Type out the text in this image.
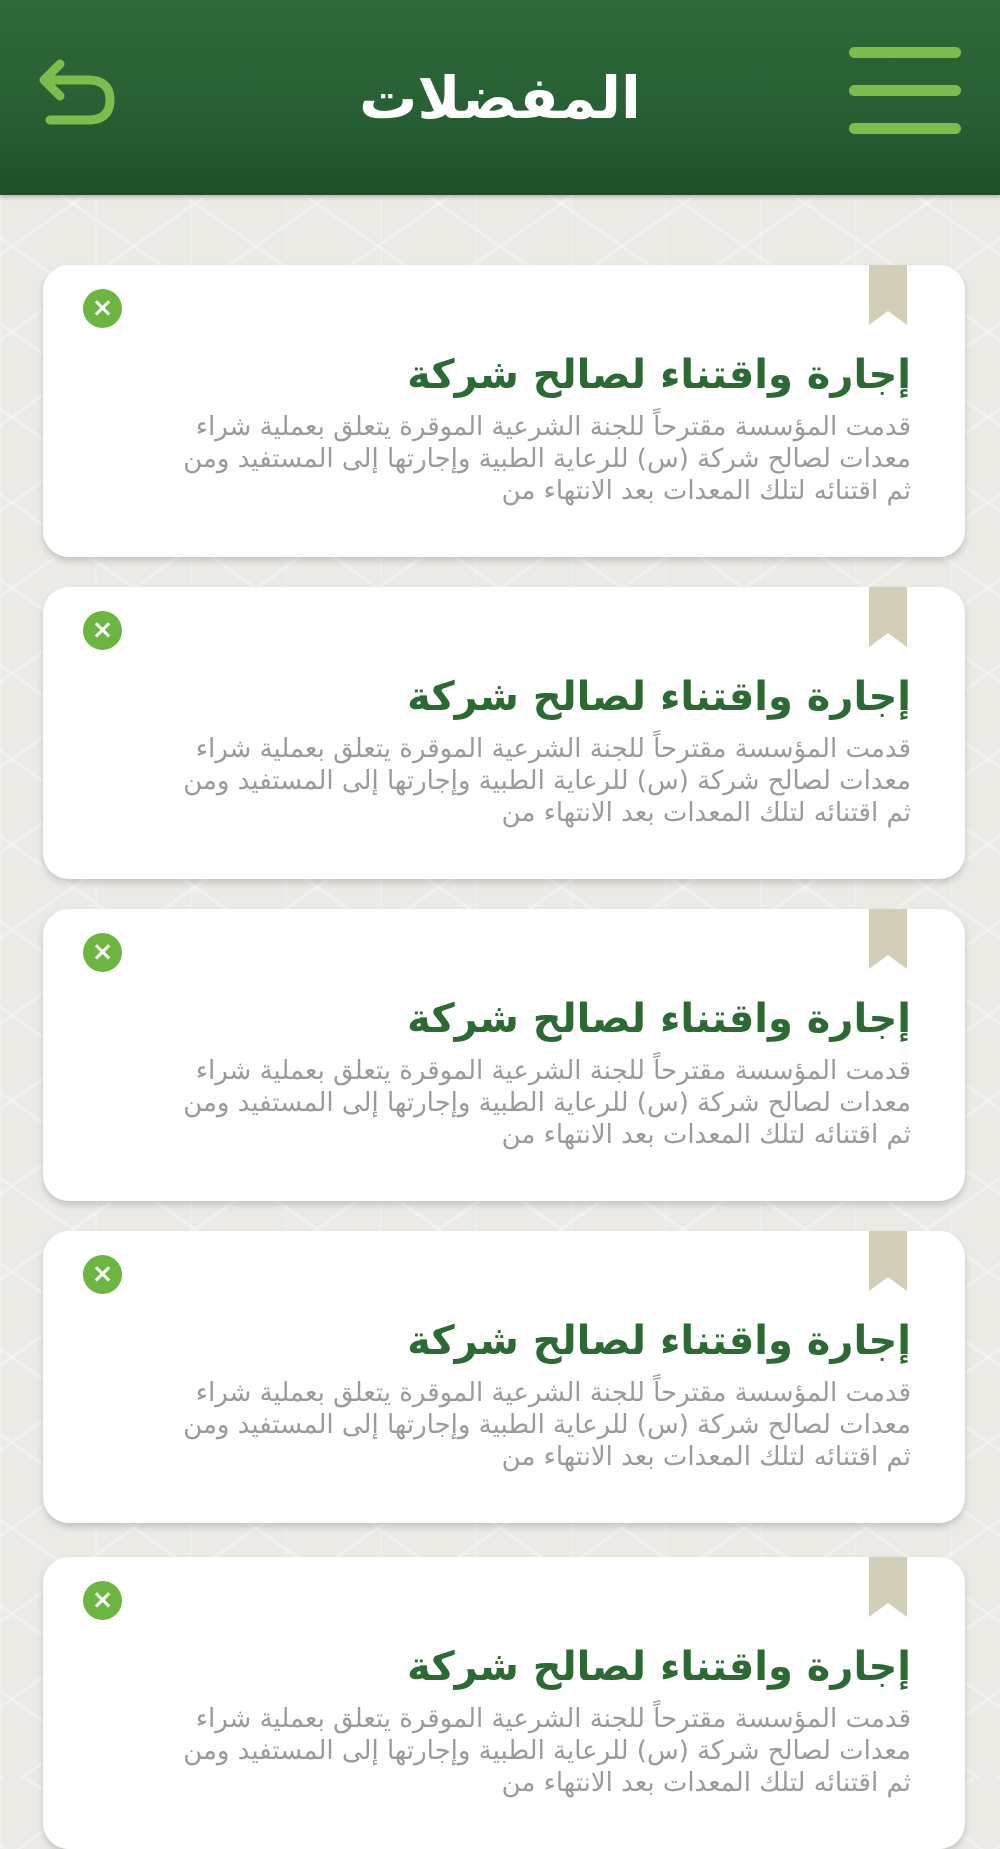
المفضلات
×
إجارة واقتناء لصالح شركة
قدمت المؤسسة مقترحاً للجنة الشرعية الموقرة يتعلق بعملية شراء معدات لصالح شركة (س) للرعاية الطبية وإجارتها إلى المستفيد ومن ثم اقتنائه لتلك المعدات بعد الانتهاء من
×
إجارة واقتناء لصالح شركة
قدمت المؤسسة مقترحاً للجنة الشرعية الموقرة يتعلق بعملية شراء معدات لصالح شركة (س) للرعاية الطبية وإجارتها إلى المستفيد ومن ثم اقتنائه لتلك المعدات بعد الانتهاء من
×
إجارة واقتناء لصالح شركة
قدمت المؤسسة مقترحاً للجنة الشرعية الموقرة يتعلق بعملية شراء معدات لصالح شركة (س) للرعاية الطبية وإجارتها إلى المستفيد ومن ثم اقتنائه لتلك المعدات بعد الانتهاء من
×
إجارة واقتناء لصالح شركة
قدمت المؤسسة مقترحاً للجنة الشرعية الموقرة يتعلق بعملية شراء معدات لصالح شركة (س) للرعاية الطبية وإجارتها إلى المستفيد ومن ثم اقتنائه لتلك المعدات بعد الانتهاء من
×
إجارة واقتناء لصالح شركة
قدمت المؤسسة مقترحاً للجنة الشرعية الموقرة يتعلق بعملية شراء معدات لصالح شركة (س) للرعاية الطبية وإجارتها إلى المستفيد ومن ثم اقتنائه لتلك المعدات بعد الانتهاء من
